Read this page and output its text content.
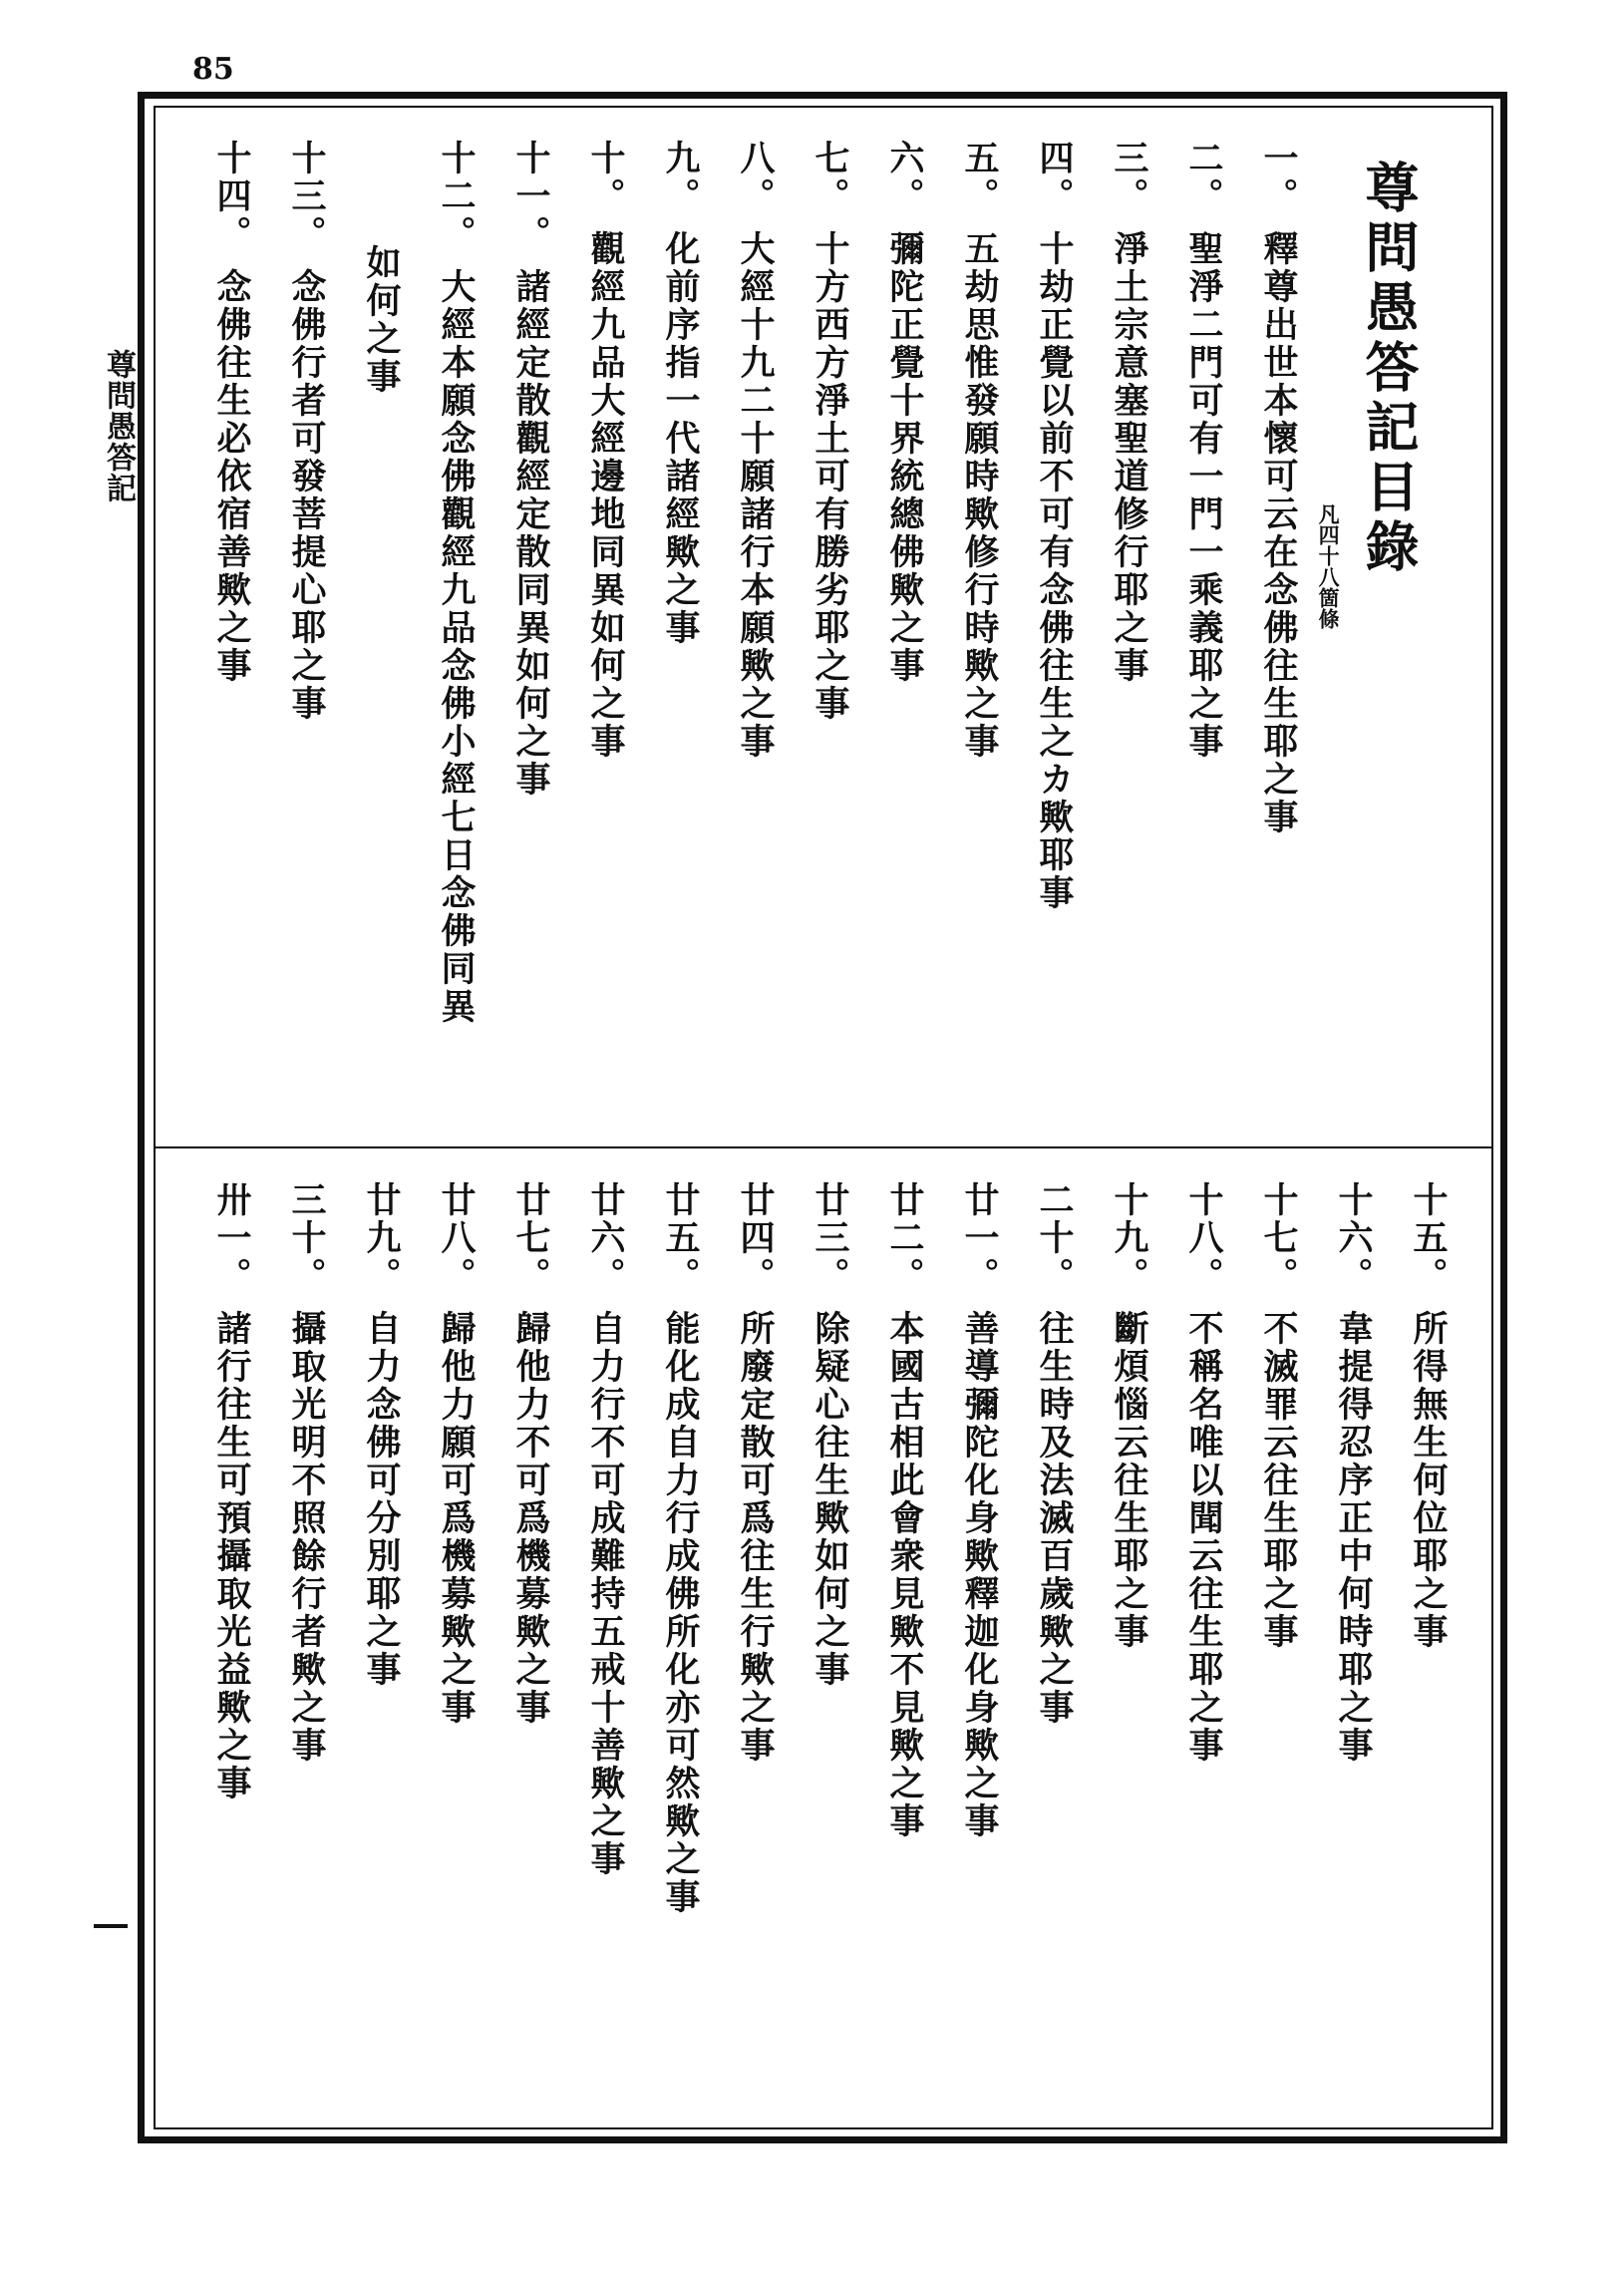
85
尊問愚答記	尊問愚答記目錄
凡四十八箇條
一。 釋尊出世本懷可云在念佛往生耶之事
二。 聖淨二門可有一門一乘義耶之事
三。 淨土宗意塞聖道修行耶之事
四。 十劫正覺以前不可有念佛往生之カ歟耶事
五。 五劫思惟發願時歟修行時歟之事
六。 彌陀正覺十界統總佛歟之事
七。 十方西方淨土可有勝劣耶之事
八。 大經十九二十願諸行本願歟之事
九。 化前序指一代諸經歟之事
十。 觀經九品大經邊地同異如何之事
十一。 諸經定散觀經定散同異如何之事
十二。 大經本願念佛觀經九品念佛小經七日念佛同異
如何之事
十三。 念佛行者可發菩提心耶之事
十四。 念佛往生必依宿善歟之事
十五。 所得無生何位耶之事
十六。 韋提得忍序正中何時耶之事
十七。 不滅罪云往生耶之事
十八。 不稱名唯以聞云往生耶之事
十九。 斷煩惱云往生耶之事
二十。 往生時及法滅百歲歟之事
廿一。 善導彌陀化身歟釋迦化身歟之事
廿二。 本國古相此會衆見歟不見歟之事
廿三。 除疑心往生歟如何之事
廿四。 所廢定散可爲往生行歟之事
廿五。 能化成自力行成佛所化亦可然歟之事
廿六。 自力行不可成難持五戒十善歟之事
廿七。 歸他力不可爲機募歟之事
廿八。 歸他力願可爲機募歟之事
廿九。 自力念佛可分別耶之事
三十。 攝取光明不照餘行者歟之事
卅一。 諸行往生可預攝取光益歟之事
